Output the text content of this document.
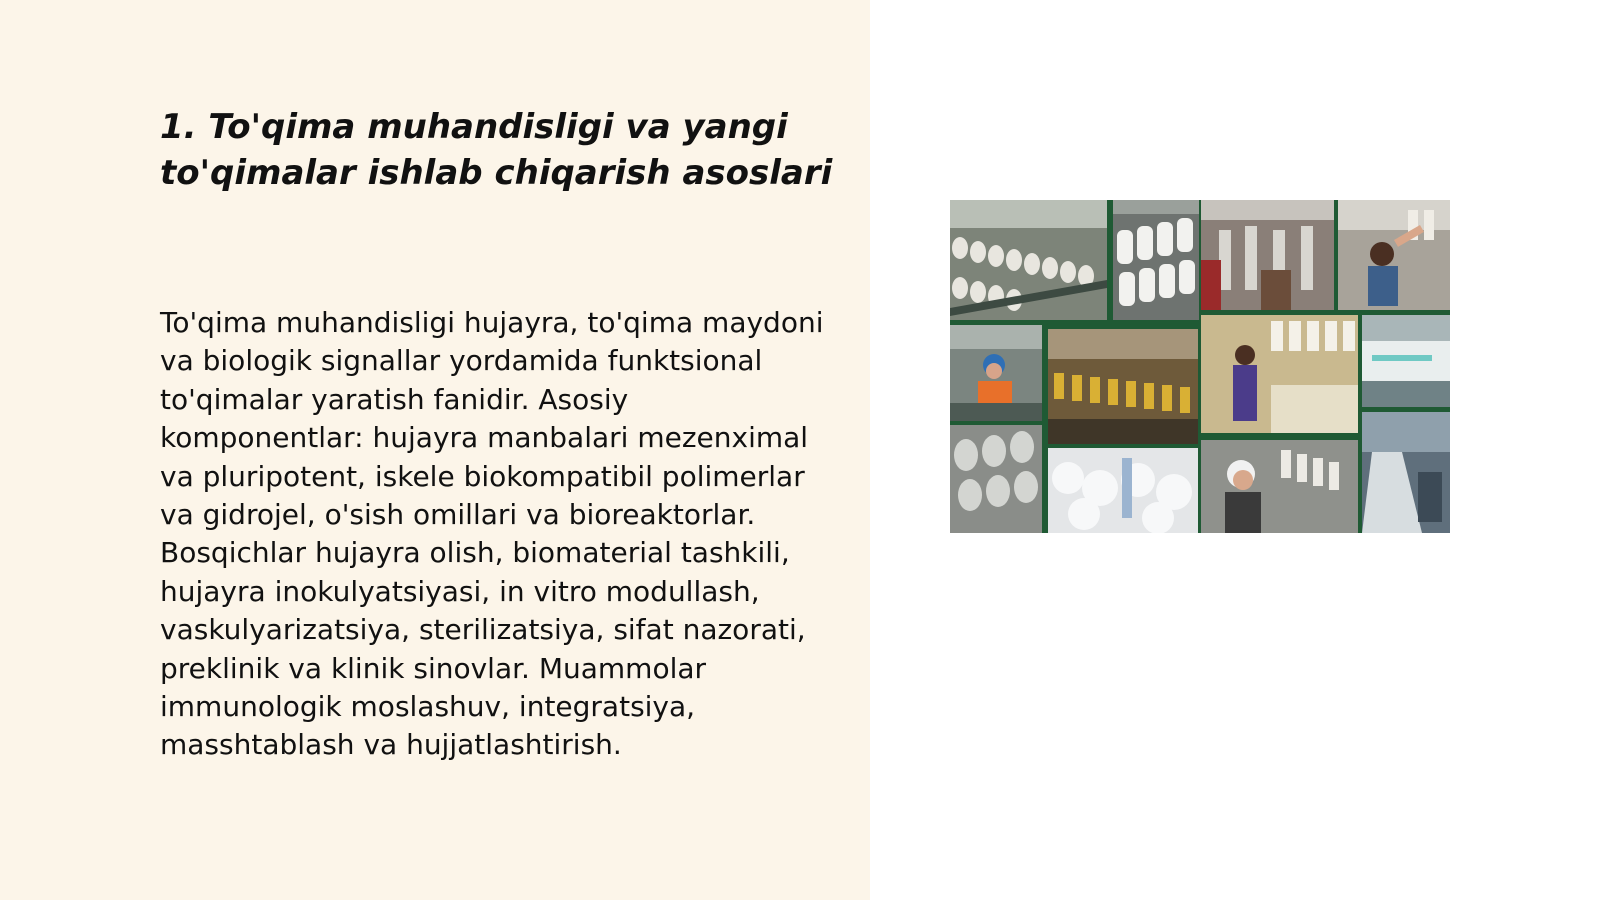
1. To'qima muhandisligi va yangi to'qimalar ishlab chiqarish asoslari

To'qima muhandisligi hujayra, to'qima maydoni va biologik signallar yordamida funktsional to'qimalar yaratish fanidir. Asosiy komponentlar: hujayra manbalari mezenximal va pluripotent, iskele biokompatibil polimerlar va gidrojel, o'sish omillari va bioreaktorlar. Bosqichlar hujayra olish, biomaterial tashkili, hujayra inokulyatsiyasi, in vitro modullash, vaskulyarizatsiya, sterilizatsiya, sifat nazorati, preklinik va klinik sinovlar. Muammolar immunologik moslashuv, integratsiya, masshtablash va hujjatlashtirish.
